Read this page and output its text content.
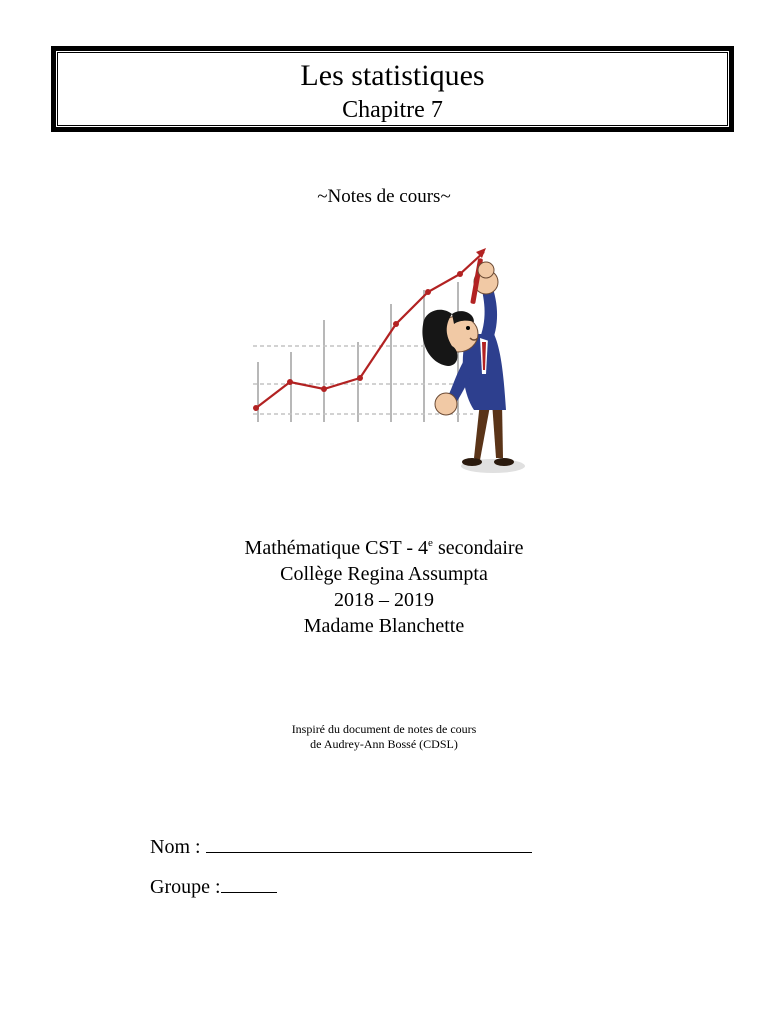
Les statistiques
Chapitre 7
~Notes de cours~
Mathématique CST - 4e secondaire
Collège Regina Assumpta
2018 – 2019
Madame Blanchette
Inspiré du document de notes de cours
de Audrey-Ann Bossé (CDSL)
Nom :
Groupe :
